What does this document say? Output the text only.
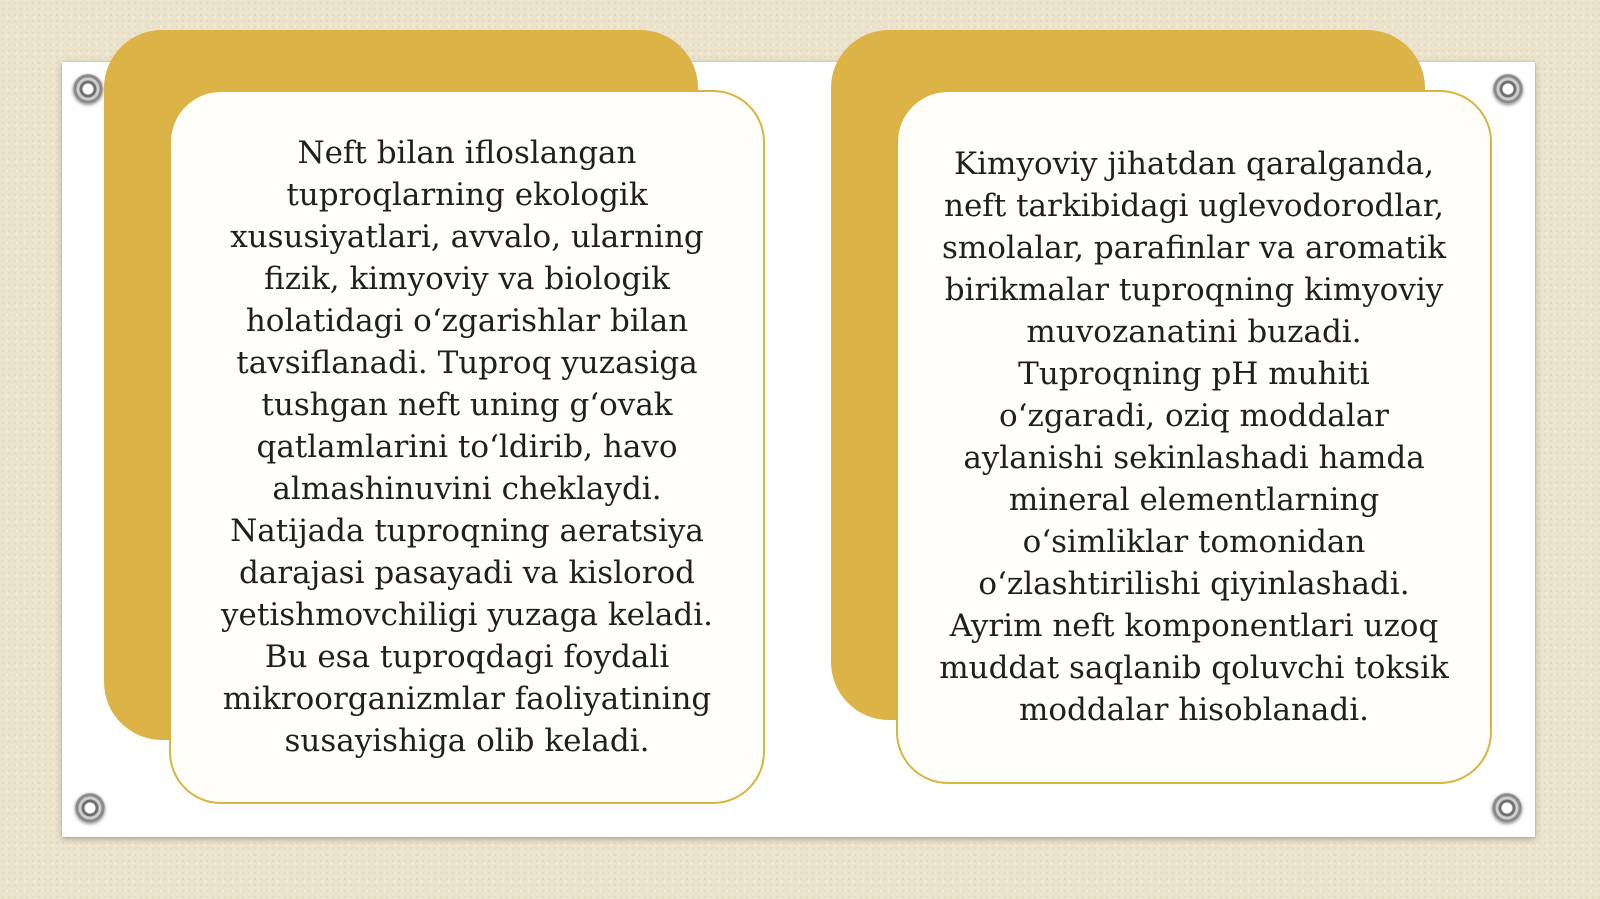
Neft bilan ifloslangan
tuproqlarning ekologik
xususiyatlari, avvalo, ularning
fizik, kimyoviy va biologik
holatidagi o‘zgarishlar bilan
tavsiflanadi. Tuproq yuzasiga
tushgan neft uning g‘ovak
qatlamlarini to‘ldirib, havo
almashinuvini cheklaydi.
Natijada tuproqning aeratsiya
darajasi pasayadi va kislorod
yetishmovchiligi yuzaga keladi.
Bu esa tuproqdagi foydali
mikroorganizmlar faoliyatining
susayishiga olib keladi.

Kimyoviy jihatdan qaralganda,
neft tarkibidagi uglevodorodlar,
smolalar, parafinlar va aromatik
birikmalar tuproqning kimyoviy
muvozanatini buzadi.
Tuproqning pH muhiti
o‘zgaradi, oziq moddalar
aylanishi sekinlashadi hamda
mineral elementlarning
o‘simliklar tomonidan
o‘zlashtirilishi qiyinlashadi.
Ayrim neft komponentlari uzoq
muddat saqlanib qoluvchi toksik
moddalar hisoblanadi.
